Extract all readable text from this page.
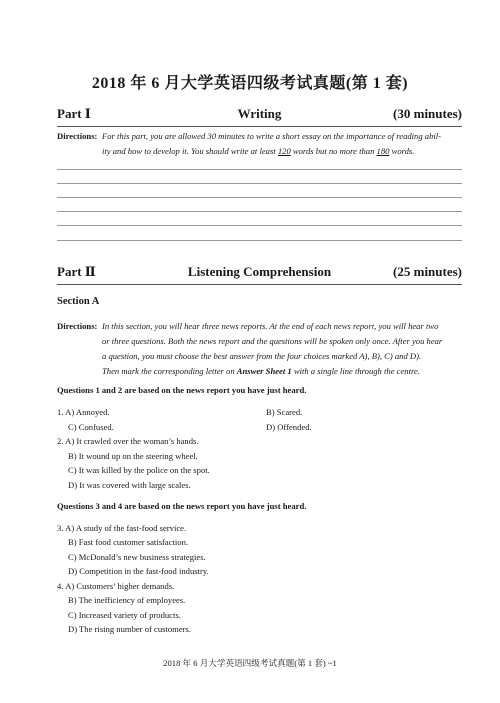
2018 年 6 月大学英语四级考试真题(第 1 套)
Part Ⅰ	Writing	(30 minutes)
Directions: For this part, you are allowed 30 minutes to write a short essay on the importance of reading abil-
ity and how to develop it. You should write at least 120 words but no more than 180 words.
Part Ⅱ	Listening Comprehension	(25 minutes)
Section A
Directions: In this section, you will hear three news reports. At the end of each news report, you will hear two
or three questions. Both the news report and the questions will be spoken only once. After you hear
a question, you must choose the best answer from the four choices marked A), B), C) and D).
Then mark the corresponding letter on Answer Sheet 1 with a single line through the centre.
Questions 1 and 2 are based on the news report you have just heard.
1. A) Annoyed.	B) Scared.
C) Confused.	D) Offended.
2. A) It crawled over the woman’s hands.
B) It wound up on the steering wheel.
C) It was killed by the police on the spot.
D) It was covered with large scales.
Questions 3 and 4 are based on the news report you have just heard.
3. A) A study of the fast-food service.
B) Fast food customer satisfaction.
C) McDonald’s new business strategies.
D) Competition in the fast-food industry.
4. A) Customers’ higher demands.
B) The inefficiency of employees.
C) Increased variety of products.
D) The rising number of customers.
2018 年 6 月大学英语四级考试真题(第 1 套) ~1
